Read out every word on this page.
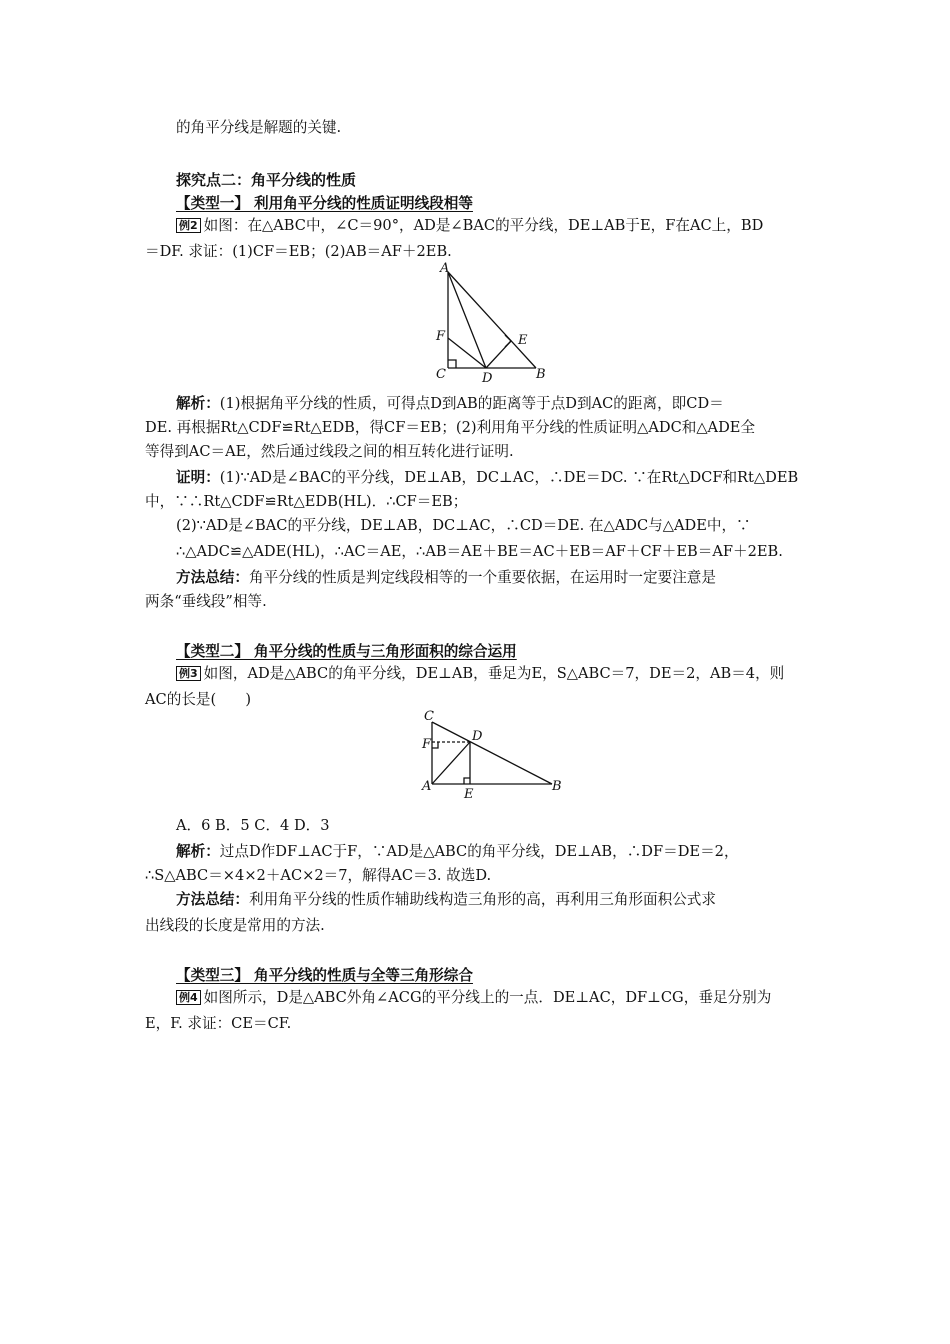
的角平分线是解题的关键.
探究点二：角平分线的性质
【类型一】 利用角平分线的性质证明线段相等
例2 如图：在△ABC中，∠C＝90°，AD是∠BAC的平分线，DE⊥AB于E，F在AC上，BD
＝DF. 求证：(1)CF＝EB；(2)AB＝AF＋2EB.
A
F	E
C	D	B
解析：(1)根据角平分线的性质，可得点D到AB的距离等于点D到AC的距离，即CD＝
DE. 再根据Rt△CDF≌Rt△EDB，得CF＝EB；(2)利用角平分线的性质证明△ADC和△ADE全
等得到AC＝AE，然后通过线段之间的相互转化进行证明.
证明：(1)∵AD是∠BAC的平分线，DE⊥AB，DC⊥AC，∴DE＝DC. ∵在Rt△DCF和Rt△DEB
中，∵∴Rt△CDF≌Rt△EDB(HL)．∴CF＝EB；
(2)∵AD是∠BAC的平分线，DE⊥AB，DC⊥AC，∴CD＝DE. 在△ADC与△ADE中，∵
∴△ADC≌△ADE(HL)，∴AC＝AE，∴AB＝AE＋BE＝AC＋EB＝AF＋CF＋EB＝AF＋2EB.
方法总结：角平分线的性质是判定线段相等的一个重要依据，在运用时一定要注意是
两条“垂线段”相等.
【类型二】 角平分线的性质与三角形面积的综合运用
例3 如图，AD是△ABC的角平分线，DE⊥AB，垂足为E，S△ABC＝7，DE＝2，AB＝4，则
AC的长是(　　)
C
F
D
A
E
B
A．6 B．5 C．4 D．3
解析：过点D作DF⊥AC于F，∵AD是△ABC的角平分线，DE⊥AB，∴DF＝DE＝2，
∴S△ABC＝×4×2＋AC×2＝7，解得AC＝3. 故选D.
方法总结：利用角平分线的性质作辅助线构造三角形的高，再利用三角形面积公式求
出线段的长度是常用的方法.
【类型三】 角平分线的性质与全等三角形综合
例4 如图所示，D是△ABC外角∠ACG的平分线上的一点．DE⊥AC，DF⊥CG，垂足分别为
E，F. 求证：CE＝CF.
